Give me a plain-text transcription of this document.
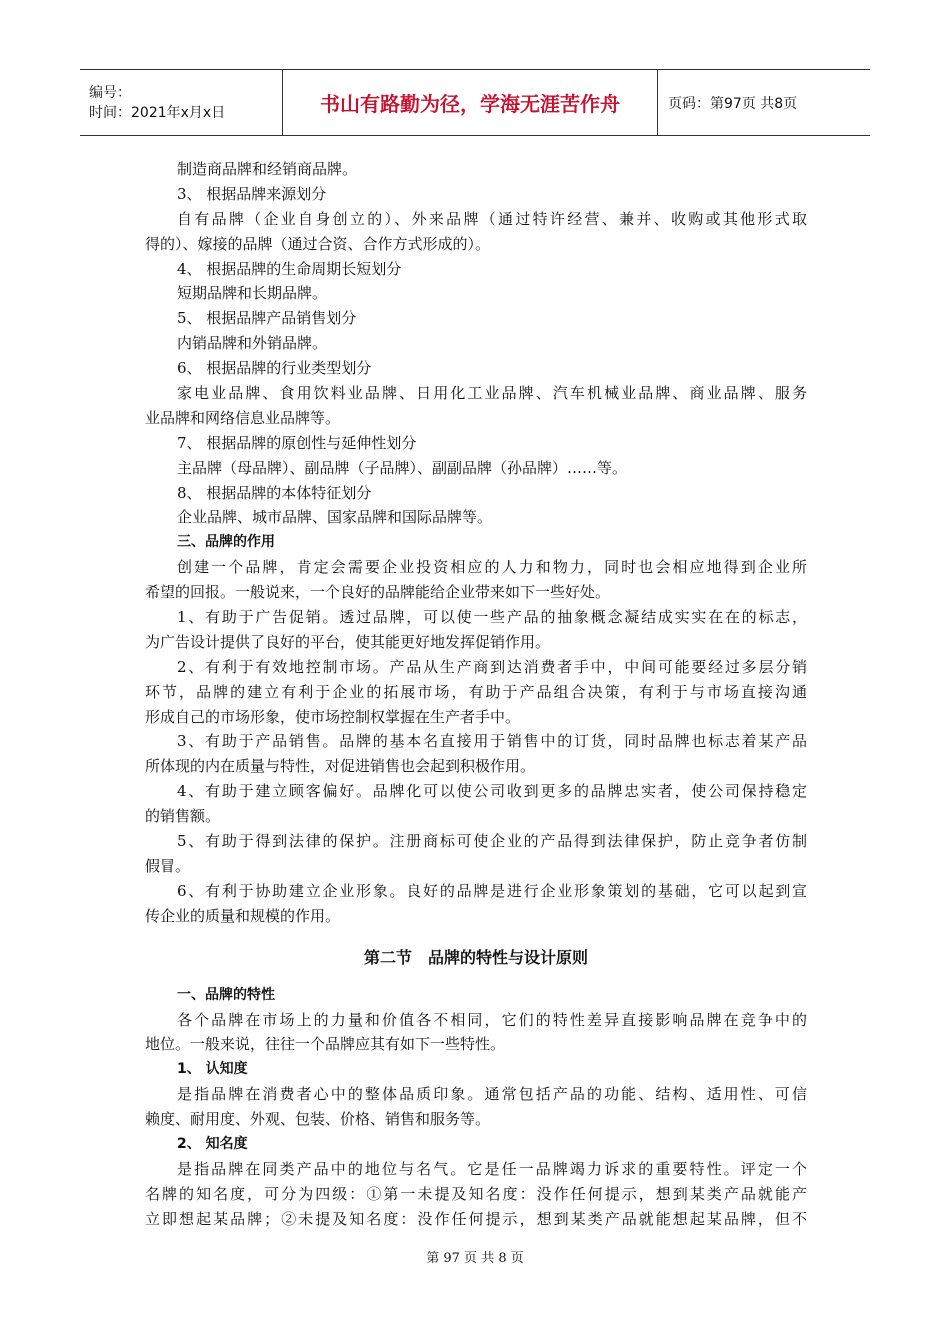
编号：
时间：2021年x月x日	书山有路勤为径，学海无涯苦作舟	页码：第97页 共8页
制造商品牌和经销商品牌。
3、 根据品牌来源划分
自有品牌（企业自身创立的）、外来品牌（通过特许经营、兼并、收购或其他形式取
得的）、嫁接的品牌（通过合资、合作方式形成的）。
4、 根据品牌的生命周期长短划分
短期品牌和长期品牌。
5、 根据品牌产品销售划分
内销品牌和外销品牌。
6、 根据品牌的行业类型划分
家电业品牌、食用饮料业品牌、日用化工业品牌、汽车机械业品牌、商业品牌、服务
业品牌和网络信息业品牌等。
7、 根据品牌的原创性与延伸性划分
主品牌（母品牌）、副品牌（子品牌）、副副品牌（孙品牌）……等。
8、 根据品牌的本体特征划分
企业品牌、城市品牌、国家品牌和国际品牌等。
三、品牌的作用
创建一个品牌，肯定会需要企业投资相应的人力和物力，同时也会相应地得到企业所
希望的回报。一般说来，一个良好的品牌能给企业带来如下一些好处。
1、有助于广告促销。透过品牌，可以使一些产品的抽象概念凝结成实实在在的标志，
为广告设计提供了良好的平台，使其能更好地发挥促销作用。
2、有利于有效地控制市场。产品从生产商到达消费者手中，中间可能要经过多层分销
环节，品牌的建立有利于企业的拓展市场，有助于产品组合决策，有利于与市场直接沟通
形成自己的市场形象，使市场控制权掌握在生产者手中。
3、有助于产品销售。品牌的基本名直接用于销售中的订货，同时品牌也标志着某产品
所体现的内在质量与特性，对促进销售也会起到积极作用。
4、有助于建立顾客偏好。品牌化可以使公司收到更多的品牌忠实者，使公司保持稳定
的销售额。
5、有助于得到法律的保护。注册商标可使企业的产品得到法律保护，防止竞争者仿制
假冒。
6、有利于协助建立企业形象。良好的品牌是进行企业形象策划的基础，它可以起到宣
传企业的质量和规模的作用。
第二节　品牌的特性与设计原则
一、品牌的特性
各个品牌在市场上的力量和价值各不相同，它们的特性差异直接影响品牌在竞争中的
地位。一般来说，往往一个品牌应其有如下一些特性。
1、 认知度
是指品牌在消费者心中的整体品质印象。通常包括产品的功能、结构、适用性、可信
赖度、耐用度、外观、包装、价格、销售和服务等。
2、 知名度
是指品牌在同类产品中的地位与名气。它是任一品牌竭力诉求的重要特性。评定一个
名牌的知名度，可分为四级：①第一未提及知名度：没作任何提示，想到某类产品就能产
立即想起某品牌；②未提及知名度：没作任何提示，想到某类产品就能想起某品牌，但不
第 97 页 共 8 页
